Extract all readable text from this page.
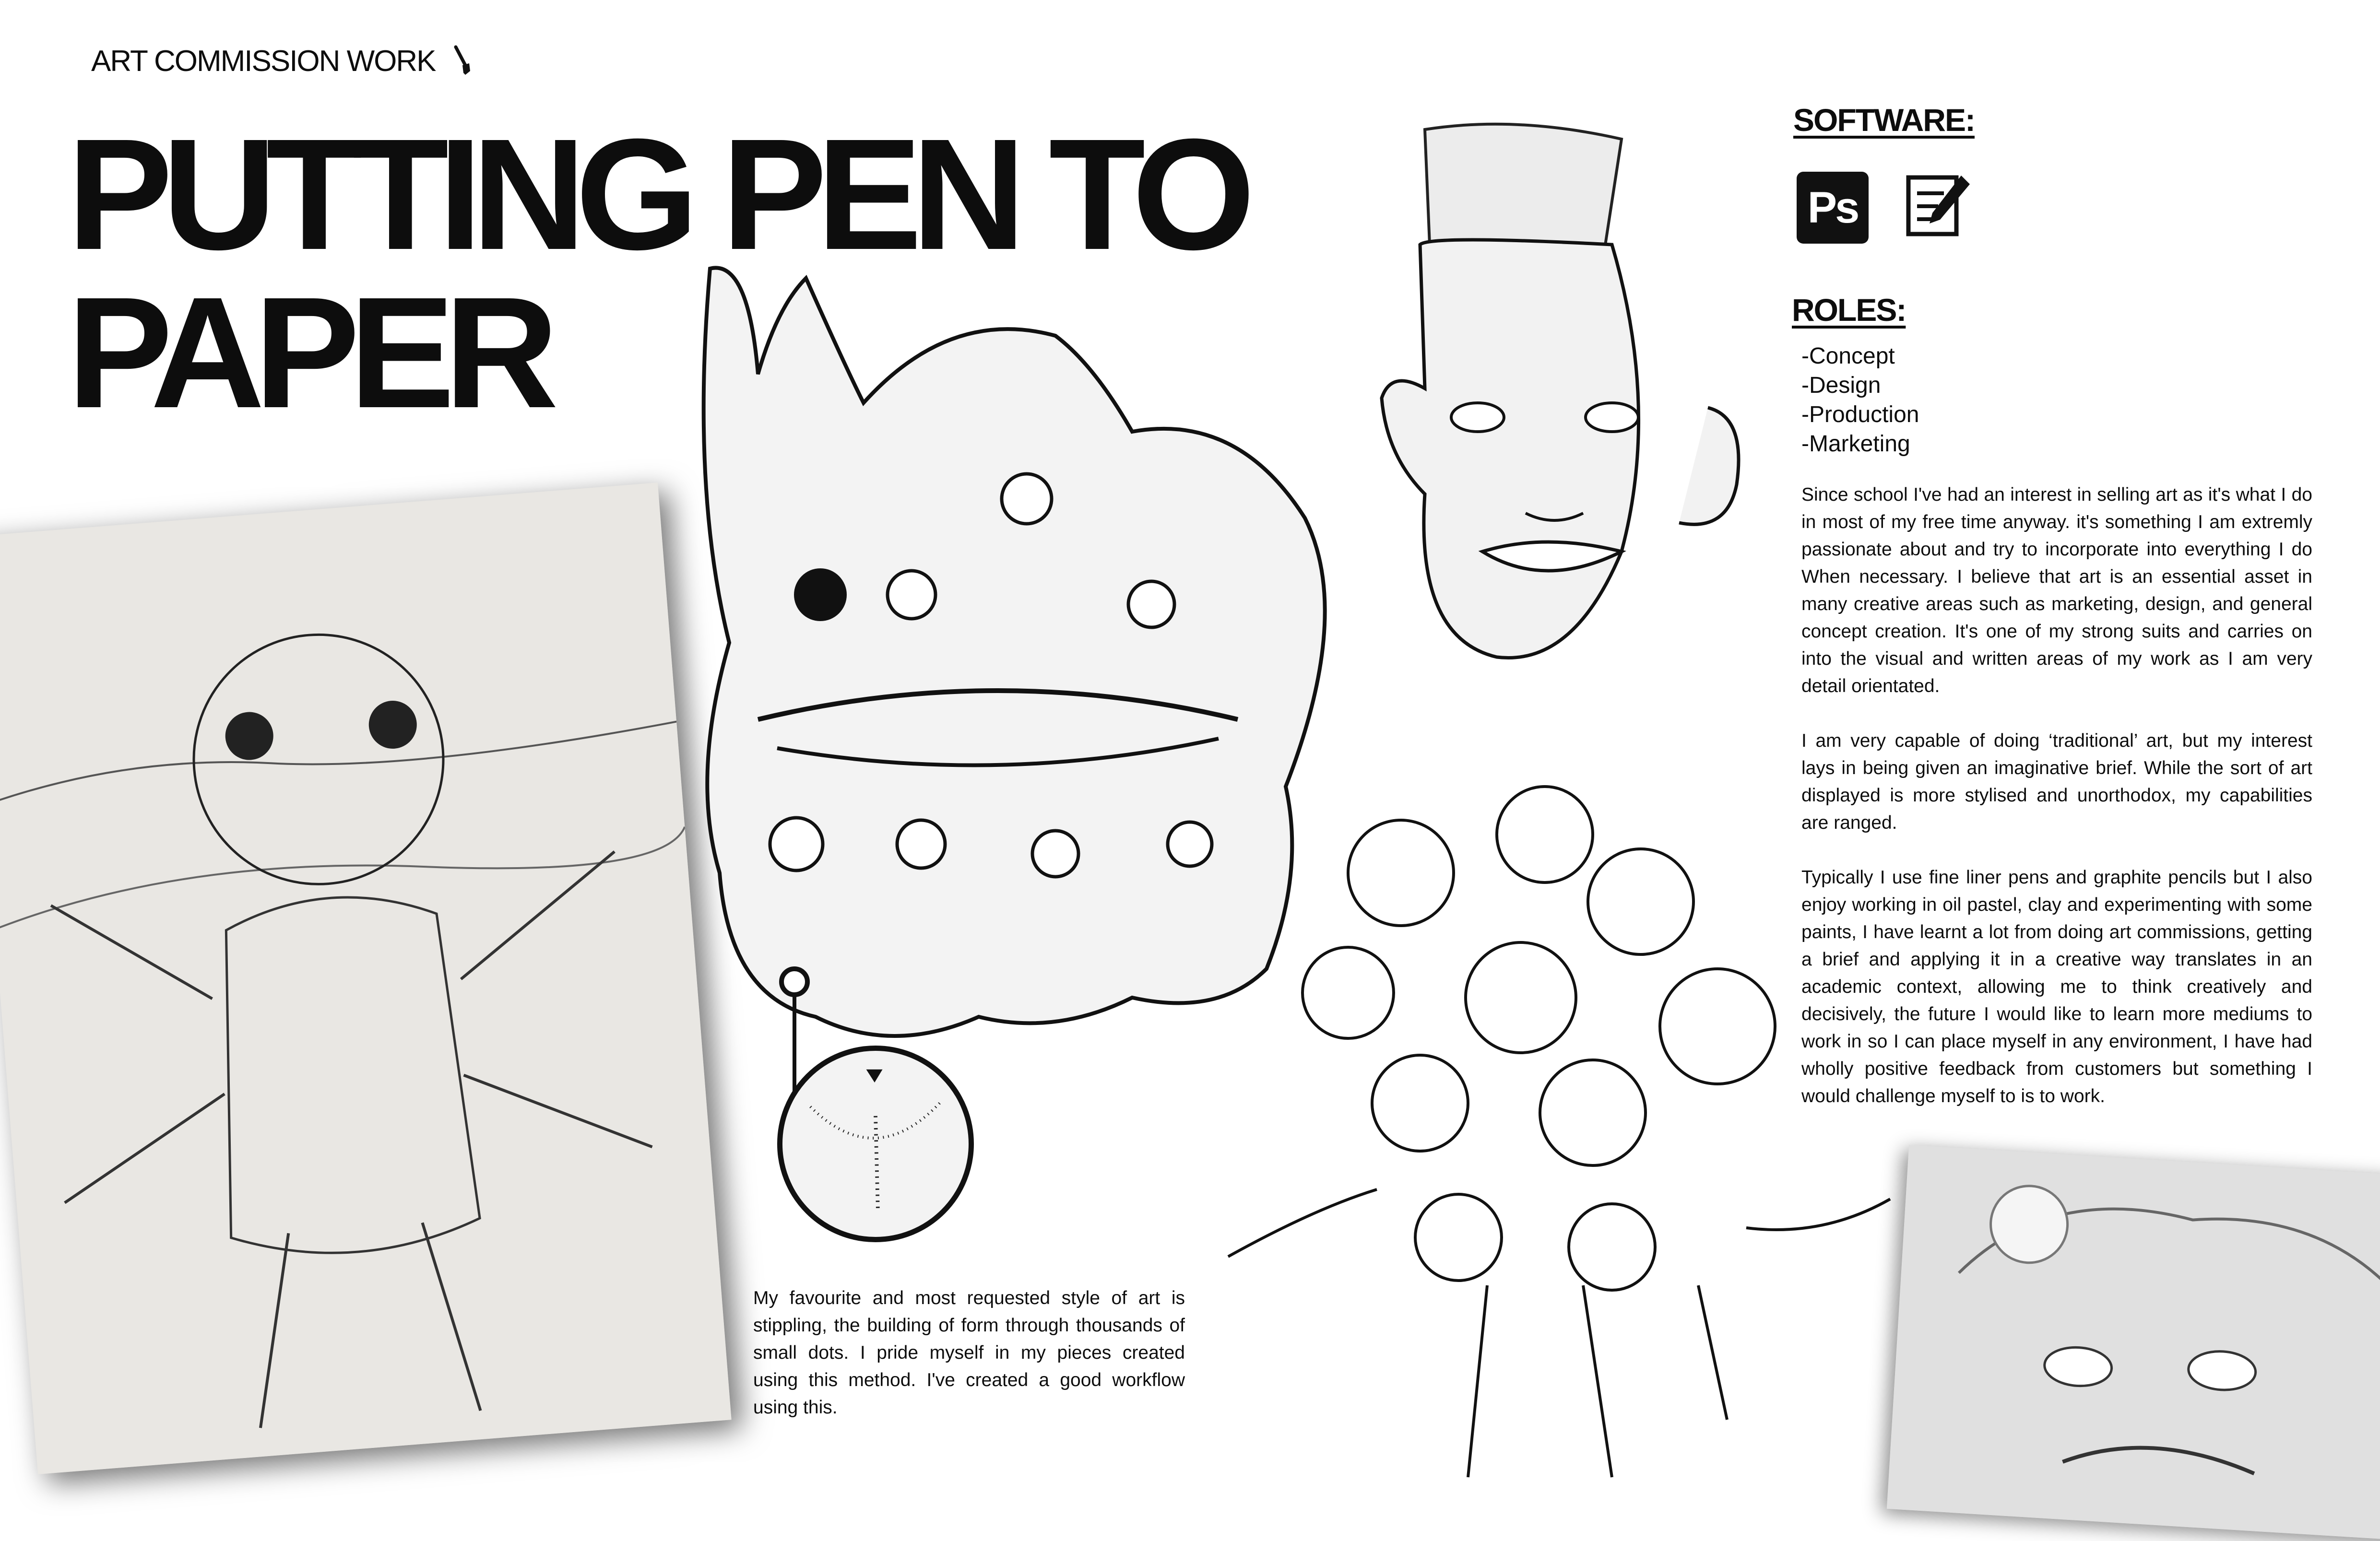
ART COMMISSION WORK
PUTTING PEN TO
PAPER
SOFTWARE:
Ps
ROLES:
-Concept
-Design
-Production
-Marketing

Since school I've had an interest in selling art as it's what I do in most of my free time anyway. it's something I am extremly passionate about and try to incorporate into everything I do When necessary. I believe that art is an essential asset in many creative areas such as marketing, design, and general concept creation. It's one of my strong suits and carries on into the visual and written areas of my work as I am very detail orientated.

I am very capable of doing ‘traditional’ art, but my interest lays in being given an imaginative brief. While the sort of art displayed is more stylised and unorthodox, my capabilities are ranged.

Typically I use fine liner pens and graphite pencils but I also enjoy working in oil pastel, clay and experimenting with some paints, I have learnt a lot from doing art commissions, getting a brief and applying it in a creative way translates in an academic context, allowing me to think creatively and decisively, the future I would like to learn more mediums to work in so I can place myself in any environment, I have had wholly positive feedback from customers but something I would challenge myself to is to work.

My favourite and most requested style of art is stippling, the building of form through thousands of small dots. I pride myself in my pieces created using this method. I've created a good workflow using this.
